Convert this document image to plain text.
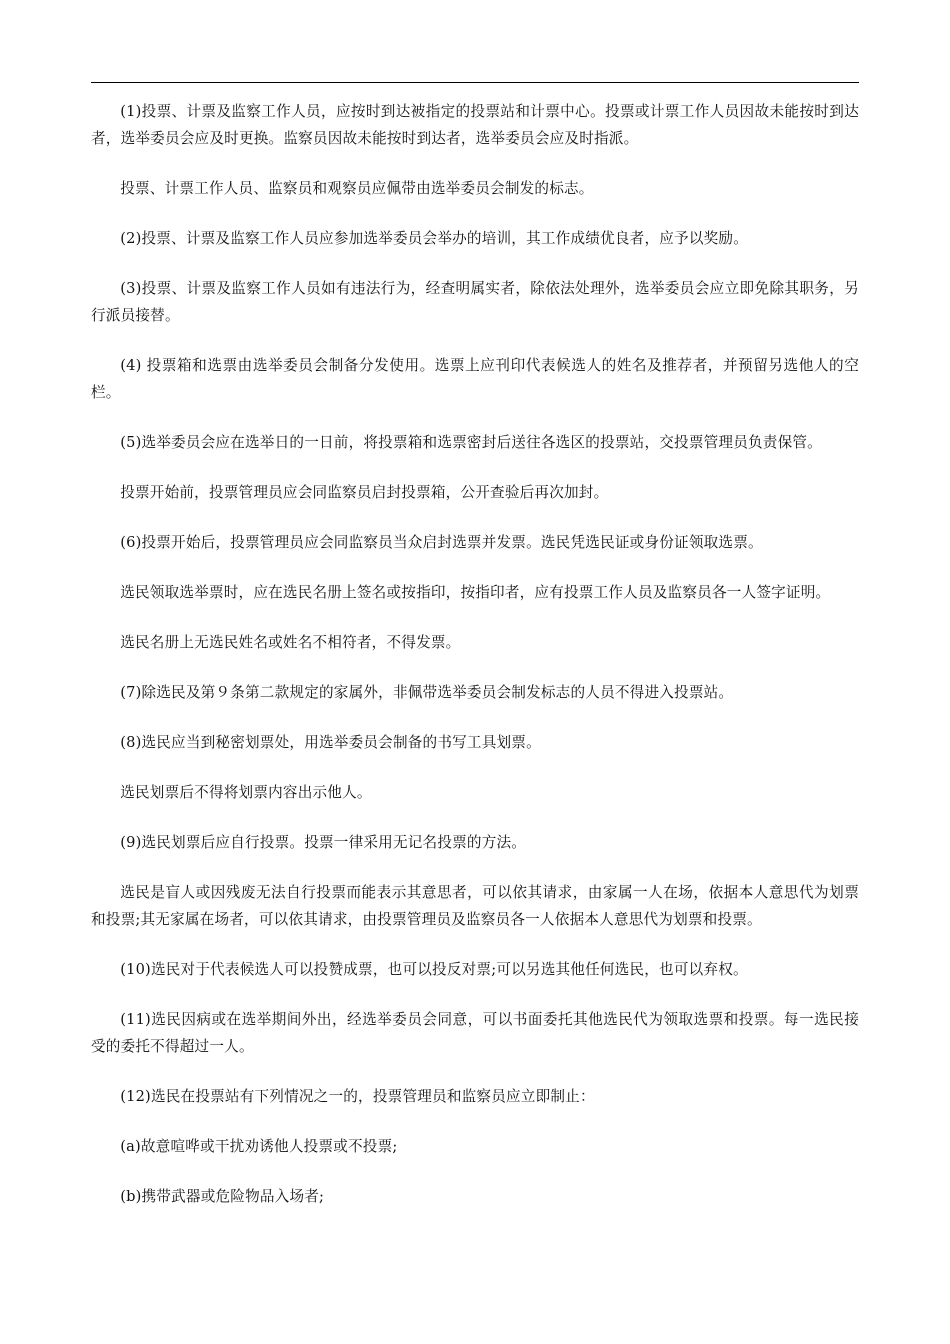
(1)投票、计票及监察工作人员，应按时到达被指定的投票站和计票中心。投票或计票工作人员因故未能按时到达者，选举委员会应及时更换。监察员因故未能按时到达者，选举委员会应及时指派。

投票、计票工作人员、监察员和观察员应佩带由选举委员会制发的标志。

(2)投票、计票及监察工作人员应参加选举委员会举办的培训，其工作成绩优良者，应予以奖励。

(3)投票、计票及监察工作人员如有违法行为，经查明属实者，除依法处理外，选举委员会应立即免除其职务，另行派员接替。

(4) 投票箱和选票由选举委员会制备分发使用。选票上应刊印代表候选人的姓名及推荐者，并预留另选他人的空栏。

(5)选举委员会应在选举日的一日前，将投票箱和选票密封后送往各选区的投票站，交投票管理员负责保管。

投票开始前，投票管理员应会同监察员启封投票箱，公开查验后再次加封。

(6)投票开始后，投票管理员应会同监察员当众启封选票并发票。选民凭选民证或身份证领取选票。

选民领取选举票时，应在选民名册上签名或按指印，按指印者，应有投票工作人员及监察员各一人签字证明。

选民名册上无选民姓名或姓名不相符者，不得发票。

(7)除选民及第９条第二款规定的家属外，非佩带选举委员会制发标志的人员不得进入投票站。

(8)选民应当到秘密划票处，用选举委员会制备的书写工具划票。

选民划票后不得将划票内容出示他人。

(9)选民划票后应自行投票。投票一律采用无记名投票的方法。

选民是盲人或因残废无法自行投票而能表示其意思者，可以依其请求，由家属一人在场，依据本人意思代为划票和投票;其无家属在场者，可以依其请求，由投票管理员及监察员各一人依据本人意思代为划票和投票。

(10)选民对于代表候选人可以投赞成票，也可以投反对票;可以另选其他任何选民，也可以弃权。

(11)选民因病或在选举期间外出，经选举委员会同意，可以书面委托其他选民代为领取选票和投票。每一选民接受的委托不得超过一人。

(12)选民在投票站有下列情况之一的，投票管理员和监察员应立即制止：

(a)故意喧哗或干扰劝诱他人投票或不投票;

(b)携带武器或危险物品入场者;
